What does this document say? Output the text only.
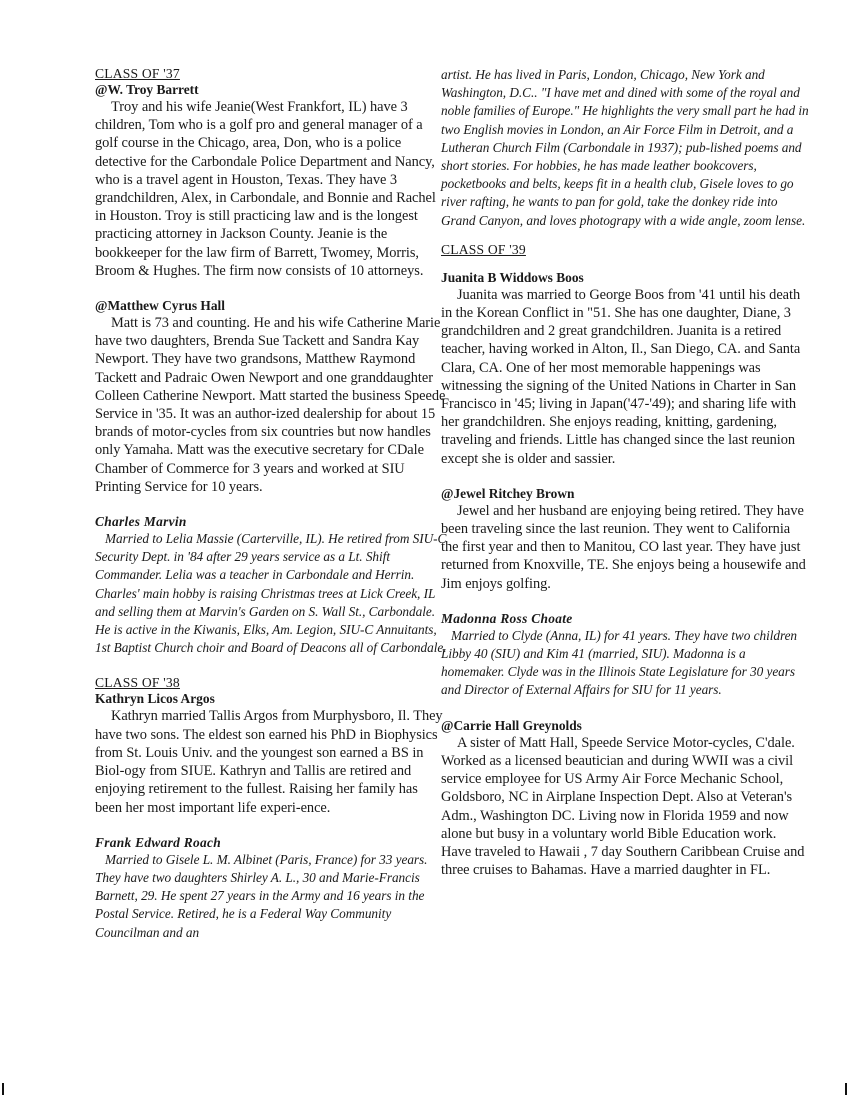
CLASS OF '37
@W. Troy Barrett

Troy and his wife Jeanie(West Frankfort, IL) have 3 children, Tom who is a golf pro and general manager of a golf course in the Chicago, area, Don, who is a police detective for the Carbondale Police Department and Nancy, who is a travel agent in Houston, Texas. They have 3 grandchildren, Alex, in Carbondale, and Bonnie and Rachel in Houston. Troy is still practicing law and is the longest practicing attorney in Jackson County. Jeanie is the bookkeeper for the law firm of Barrett, Twomey, Morris, Broom & Hughes. The firm now consists of 10 attorneys.

@Matthew Cyrus Hall

Matt is 73 and counting. He and his wife Catherine Marie have two daughters, Brenda Sue Tackett and Sandra Kay Newport. They have two grandsons, Matthew Raymond Tackett and Padraic Owen Newport and one granddaughter Colleen Catherine Newport. Matt started the business Speede Service in '35. It was an author-ized dealership for about 15 brands of motor-cycles from six countries but now handles only Yamaha. Matt was the executive secretary for CDale Chamber of Commerce for 3 years and worked at SIU Printing Service for 10 years.

Charles Marvin

Married to Lelia Massie (Carterville, IL). He retired from SIU-C Security Dept. in '84 after 29 years service as a Lt. Shift Commander. Lelia was a teacher in Carbondale and Herrin. Charles' main hobby is raising Christmas trees at Lick Creek, IL and selling them at Marvin's Garden on S. Wall St., Carbondale. He is active in the Kiwanis, Elks, Am. Legion, SIU-C Annuitants, 1st Baptist Church choir and Board of Deacons all of Carbondale.

CLASS OF '38
Kathryn Licos Argos

Kathryn married Tallis Argos from Murphysboro, Il. They have two sons. The eldest son earned his PhD in Biophysics from St. Louis Univ. and the youngest son earned a BS in Biol-ogy from SIUE. Kathryn and Tallis are retired and enjoying retirement to the fullest. Raising her family has been her most important life experi-ence.

Frank Edward Roach

Married to Gisele L. M. Albinet (Paris, France) for 33 years. They have two daughters Shirley A. L., 30 and Marie-Francis Barnett, 29. He spent 27 years in the Army and 16 years in the Postal Service. Retired, he is a Federal Way Community Councilman and an

artist. He has lived in Paris, London, Chicago, New York and Washington, D.C.. "I have met and dined with some of the royal and noble families of Europe." He highlights the very small part he had in two English movies in London, an Air Force Film in Detroit, and a Lutheran Church Film (Carbondale in 1937); pub-lished poems and short stories. For hobbies, he has made leather bookcovers, pocketbooks and belts, keeps fit in a health club, Gisele loves to go river rafting, he wants to pan for gold, take the donkey ride into Grand Canyon, and loves photograpy with a wide angle, zoom lense.

CLASS OF '39
Juanita B Widdows Boos

Juanita was married to George Boos from '41 until his death in the Korean Conflict in "51. She has one daughter, Diane, 3 grandchildren and 2 great grandchildren. Juanita is a retired teacher, having worked in Alton, Il., San Diego, CA. and Santa Clara, CA. One of her most memorable happenings was witnessing the signing of the United Nations in Charter in San Francisco in '45; living in Japan('47-'49); and sharing life with her grandchildren. She enjoys reading, knitting, gardening, traveling and friends. Little has changed since the last reunion except she is older and sassier.

@Jewel Ritchey Brown

Jewel and her husband are enjoying being retired. They have been traveling since the last reunion. They went to California the first year and then to Manitou, CO last year. They have just returned from Knoxville, TE. She enjoys being a housewife and Jim enjoys golfing.

Madonna Ross Choate

Married to Clyde (Anna, IL) for 41 years. They have two children Libby 40 (SIU) and Kim 41 (married, SIU). Madonna is a homemaker. Clyde was in the Illinois State Legislature for 30 years and Director of External Affairs for SIU for 11 years.

@Carrie Hall Greynolds

A sister of Matt Hall, Speede Service Motor-cycles, C'dale. Worked as a licensed beautician and during WWII was a civil service employee for US Army Air Force Mechanic School, Goldsboro, NC in Airplane Inspection Dept. Also at Veteran's Adm., Washington DC. Living now in Florida 1959 and now alone but busy in a voluntary world Bible Education work. Have traveled to Hawaii , 7 day Southern Caribbean Cruise and three cruises to Bahamas. Have a married daughter in FL.
